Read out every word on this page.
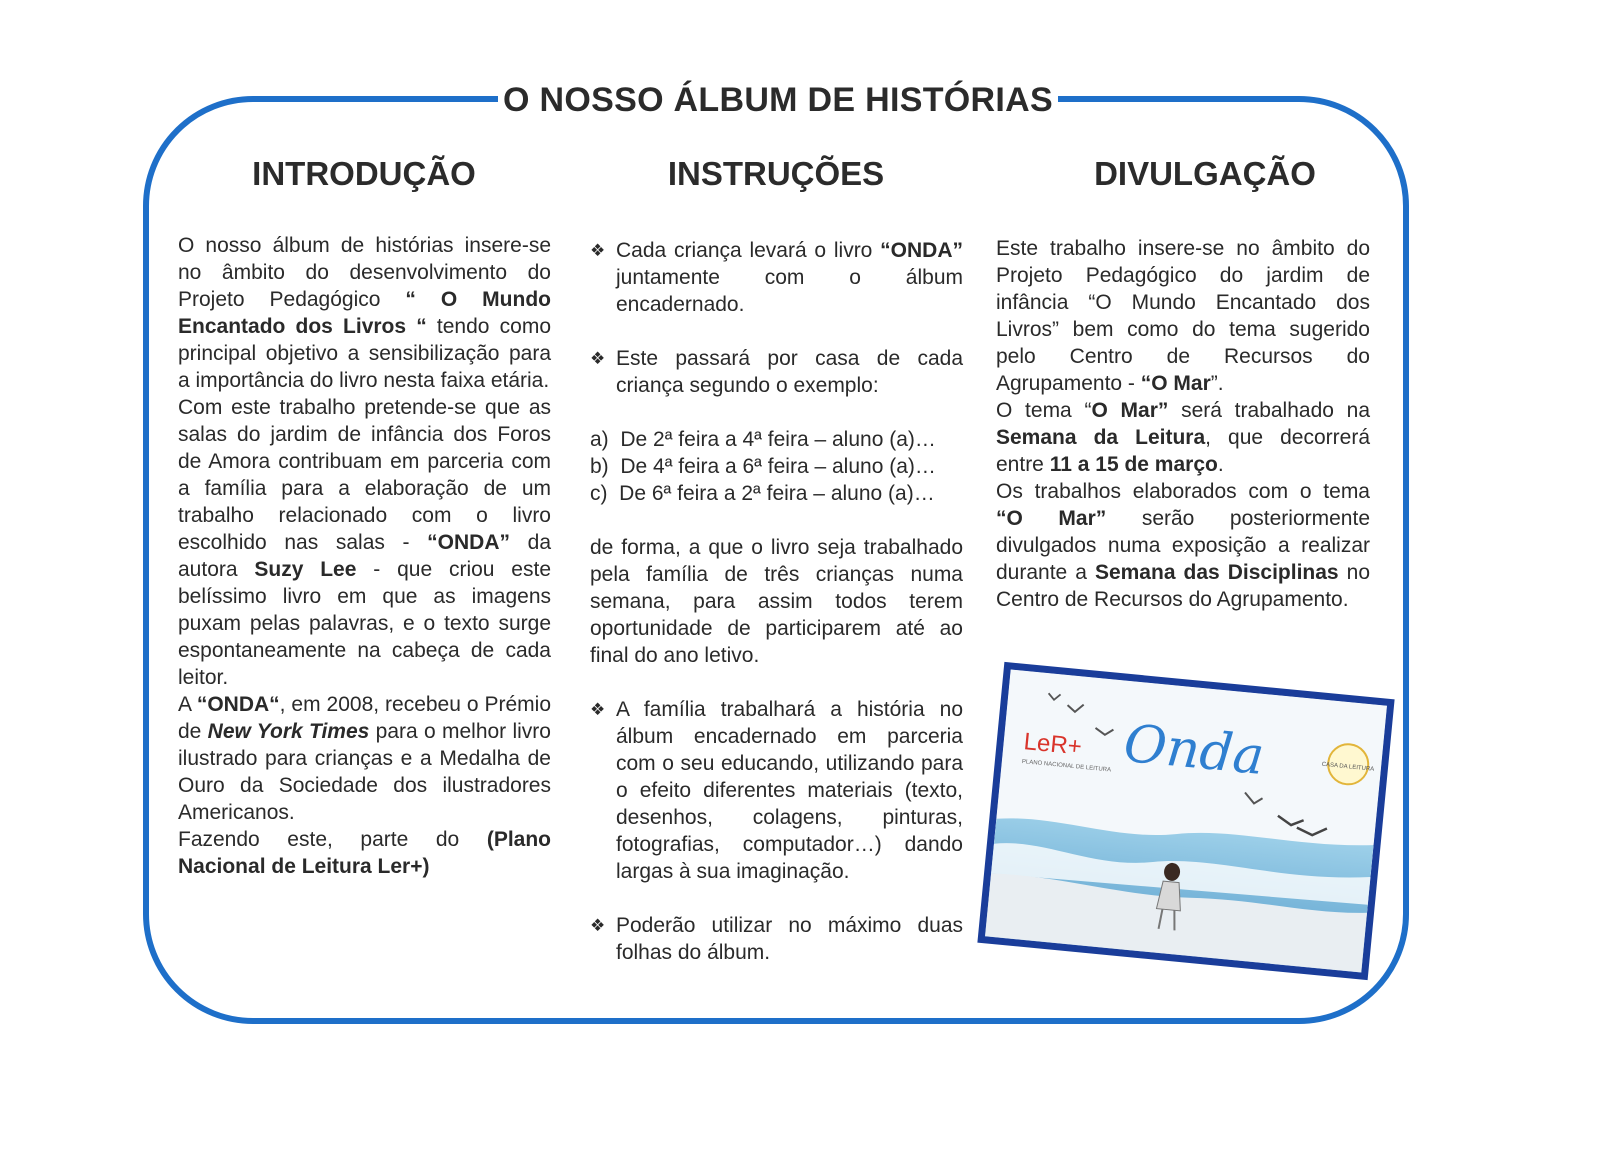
O NOSSO ÁLBUM DE HISTÓRIAS
INTRODUÇÃO	INSTRUÇÕES	DIVULGAÇÃO

O nosso álbum de histórias insere-se no âmbito do desenvolvimento do Projeto Pedagógico “ O Mundo Encantado dos Livros “ tendo como principal objetivo a sensibilização para a importância do livro nesta faixa etária.

Com este trabalho pretende-se que as salas do jardim de infância dos Foros de Amora contribuam em parceria com a família para a elaboração de um trabalho relacionado com o livro escolhido nas salas - “ONDA” da autora Suzy Lee - que criou este belíssimo livro em que as imagens puxam pelas palavras, e o texto surge espontaneamente na cabeça de cada leitor.

A “ONDA“, em 2008, recebeu o Prémio de New York Times para o melhor livro ilustrado para crianças e a Medalha de Ouro da Sociedade dos ilustradores Americanos.

Fazendo este, parte do (Plano Nacional de Leitura Ler+)

❖ Cada criança levará o livro “ONDA” juntamente com o álbum encadernado.

❖ Este passará por casa de cada criança segundo o exemplo:

a)  De 2ª feira a 4ª feira – aluno (a)…
b)  De 4ª feira a 6ª feira – aluno (a)…
c)  De 6ª feira a 2ª feira – aluno (a)…

de forma, a que o livro seja trabalhado pela família de três crianças numa semana, para assim todos terem oportunidade de participarem até ao final do ano letivo.

❖ A família trabalhará a história no álbum encadernado em parceria com o seu educando, utilizando para o efeito diferentes materiais (texto, desenhos, colagens, pinturas, fotografias, computador…) dando largas à sua imaginação.

❖ Poderão utilizar no máximo duas folhas do álbum.

Este trabalho insere-se no âmbito do Projeto Pedagógico do jardim de infância “O Mundo Encantado dos Livros” bem como do tema sugerido pelo Centro de Recursos do Agrupamento - “O Mar”.

O tema “O Mar” será trabalhado na Semana da Leitura, que decorrerá entre 11 a 15 de março.

Os trabalhos elaborados com o tema “O Mar” serão posteriormente divulgados numa exposição a realizar durante a Semana das Disciplinas no Centro de Recursos do Agrupamento.

LeR+
PLANO NACIONAL DE LEITURA Onda	CASA DA LEITURA
